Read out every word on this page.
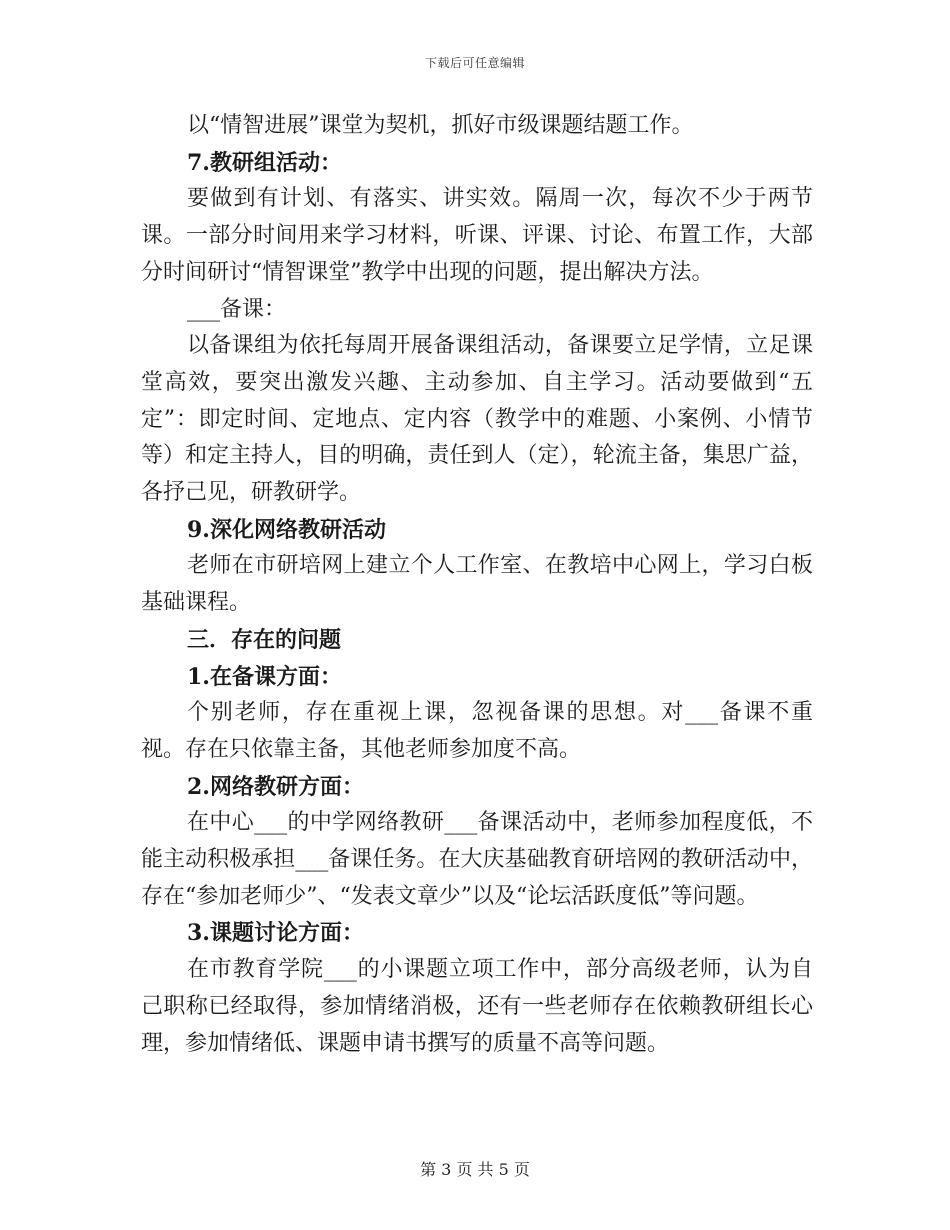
下载后可任意编辑

以“情智进展”课堂为契机，抓好市级课题结题工作。

7.教研组活动：

要做到有计划、有落实、讲实效。隔周一次，每次不少于两节课。一部分时间用来学习材料，听课、评课、讨论、布置工作，大部分时间研讨“情智课堂”教学中出现的问题，提出解决方法。

___备课：

以备课组为依托每周开展备课组活动，备课要立足学情，立足课堂高效，要突出激发兴趣、主动参加、自主学习。活动要做到“五定”：即定时间、定地点、定内容（教学中的难题、小案例、小情节等）和定主持人，目的明确，责任到人（定），轮流主备，集思广益，各抒己见，研教研学。

9.深化网络教研活动

老师在市研培网上建立个人工作室、在教培中心网上，学习白板基础课程。

三．存在的问题

1.在备课方面：

个别老师，存在重视上课，忽视备课的思想。对___备课不重视。存在只依靠主备，其他老师参加度不高。

2.网络教研方面：

在中心___的中学网络教研___备课活动中，老师参加程度低，不能主动积极承担___备课任务。在大庆基础教育研培网的教研活动中，存在“参加老师少”、“发表文章少”以及“论坛活跃度低”等问题。

3.课题讨论方面：

在市教育学院___的小课题立项工作中，部分高级老师，认为自己职称已经取得，参加情绪消极，还有一些老师存在依赖教研组长心理，参加情绪低、课题申请书撰写的质量不高等问题。

第 3 页 共 5 页
